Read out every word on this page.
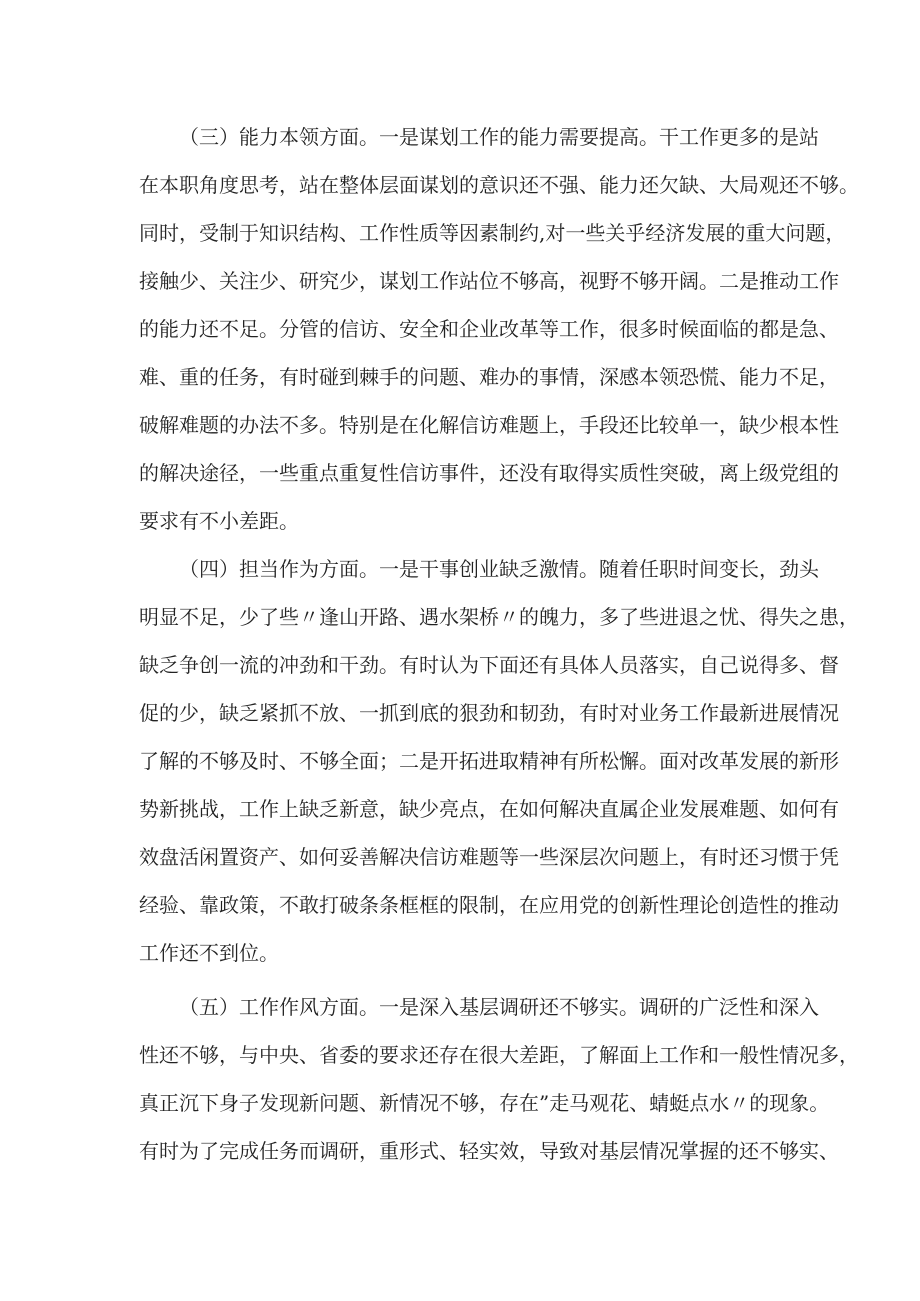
（三）能力本领方面。一是谋划工作的能力需要提高。干工作更多的是站
在本职角度思考，站在整体层面谋划的意识还不强、能力还欠缺、大局观还不够。
同时，受制于知识结构、工作性质等因素制约,对一些关乎经济发展的重大问题，
接触少、关注少、研究少，谋划工作站位不够高，视野不够开阔。二是推动工作
的能力还不足。分管的信访、安全和企业改革等工作，很多时候面临的都是急、
难、重的任务，有时碰到棘手的问题、难办的事情，深感本领恐慌、能力不足，
破解难题的办法不多。特别是在化解信访难题上，手段还比较单一，缺少根本性
的解决途径，一些重点重复性信访事件，还没有取得实质性突破，离上级党组的
要求有不小差距。
（四）担当作为方面。一是干事创业缺乏激情。随着任职时间变长，劲头
明显不足，少了些〃逢山开路、遇水架桥〃的魄力，多了些进退之忧、得失之患，
缺乏争创一流的冲劲和干劲。有时认为下面还有具体人员落实，自己说得多、督
促的少，缺乏紧抓不放、一抓到底的狠劲和韧劲，有时对业务工作最新进展情况
了解的不够及时、不够全面；二是开拓进取精神有所松懈。面对改革发展的新形
势新挑战，工作上缺乏新意，缺少亮点，在如何解决直属企业发展难题、如何有
效盘活闲置资产、如何妥善解决信访难题等一些深层次问题上，有时还习惯于凭
经验、靠政策，不敢打破条条框框的限制，在应用党的创新性理论创造性的推动
工作还不到位。
（五）工作作风方面。一是深入基层调研还不够实。调研的广泛性和深入
性还不够，与中央、省委的要求还存在很大差距，了解面上工作和一般性情况多，
真正沉下身子发现新问题、新情况不够，存在”走马观花、蜻蜓点水〃的现象。
有时为了完成任务而调研，重形式、轻实效，导致对基层情况掌握的还不够实、
